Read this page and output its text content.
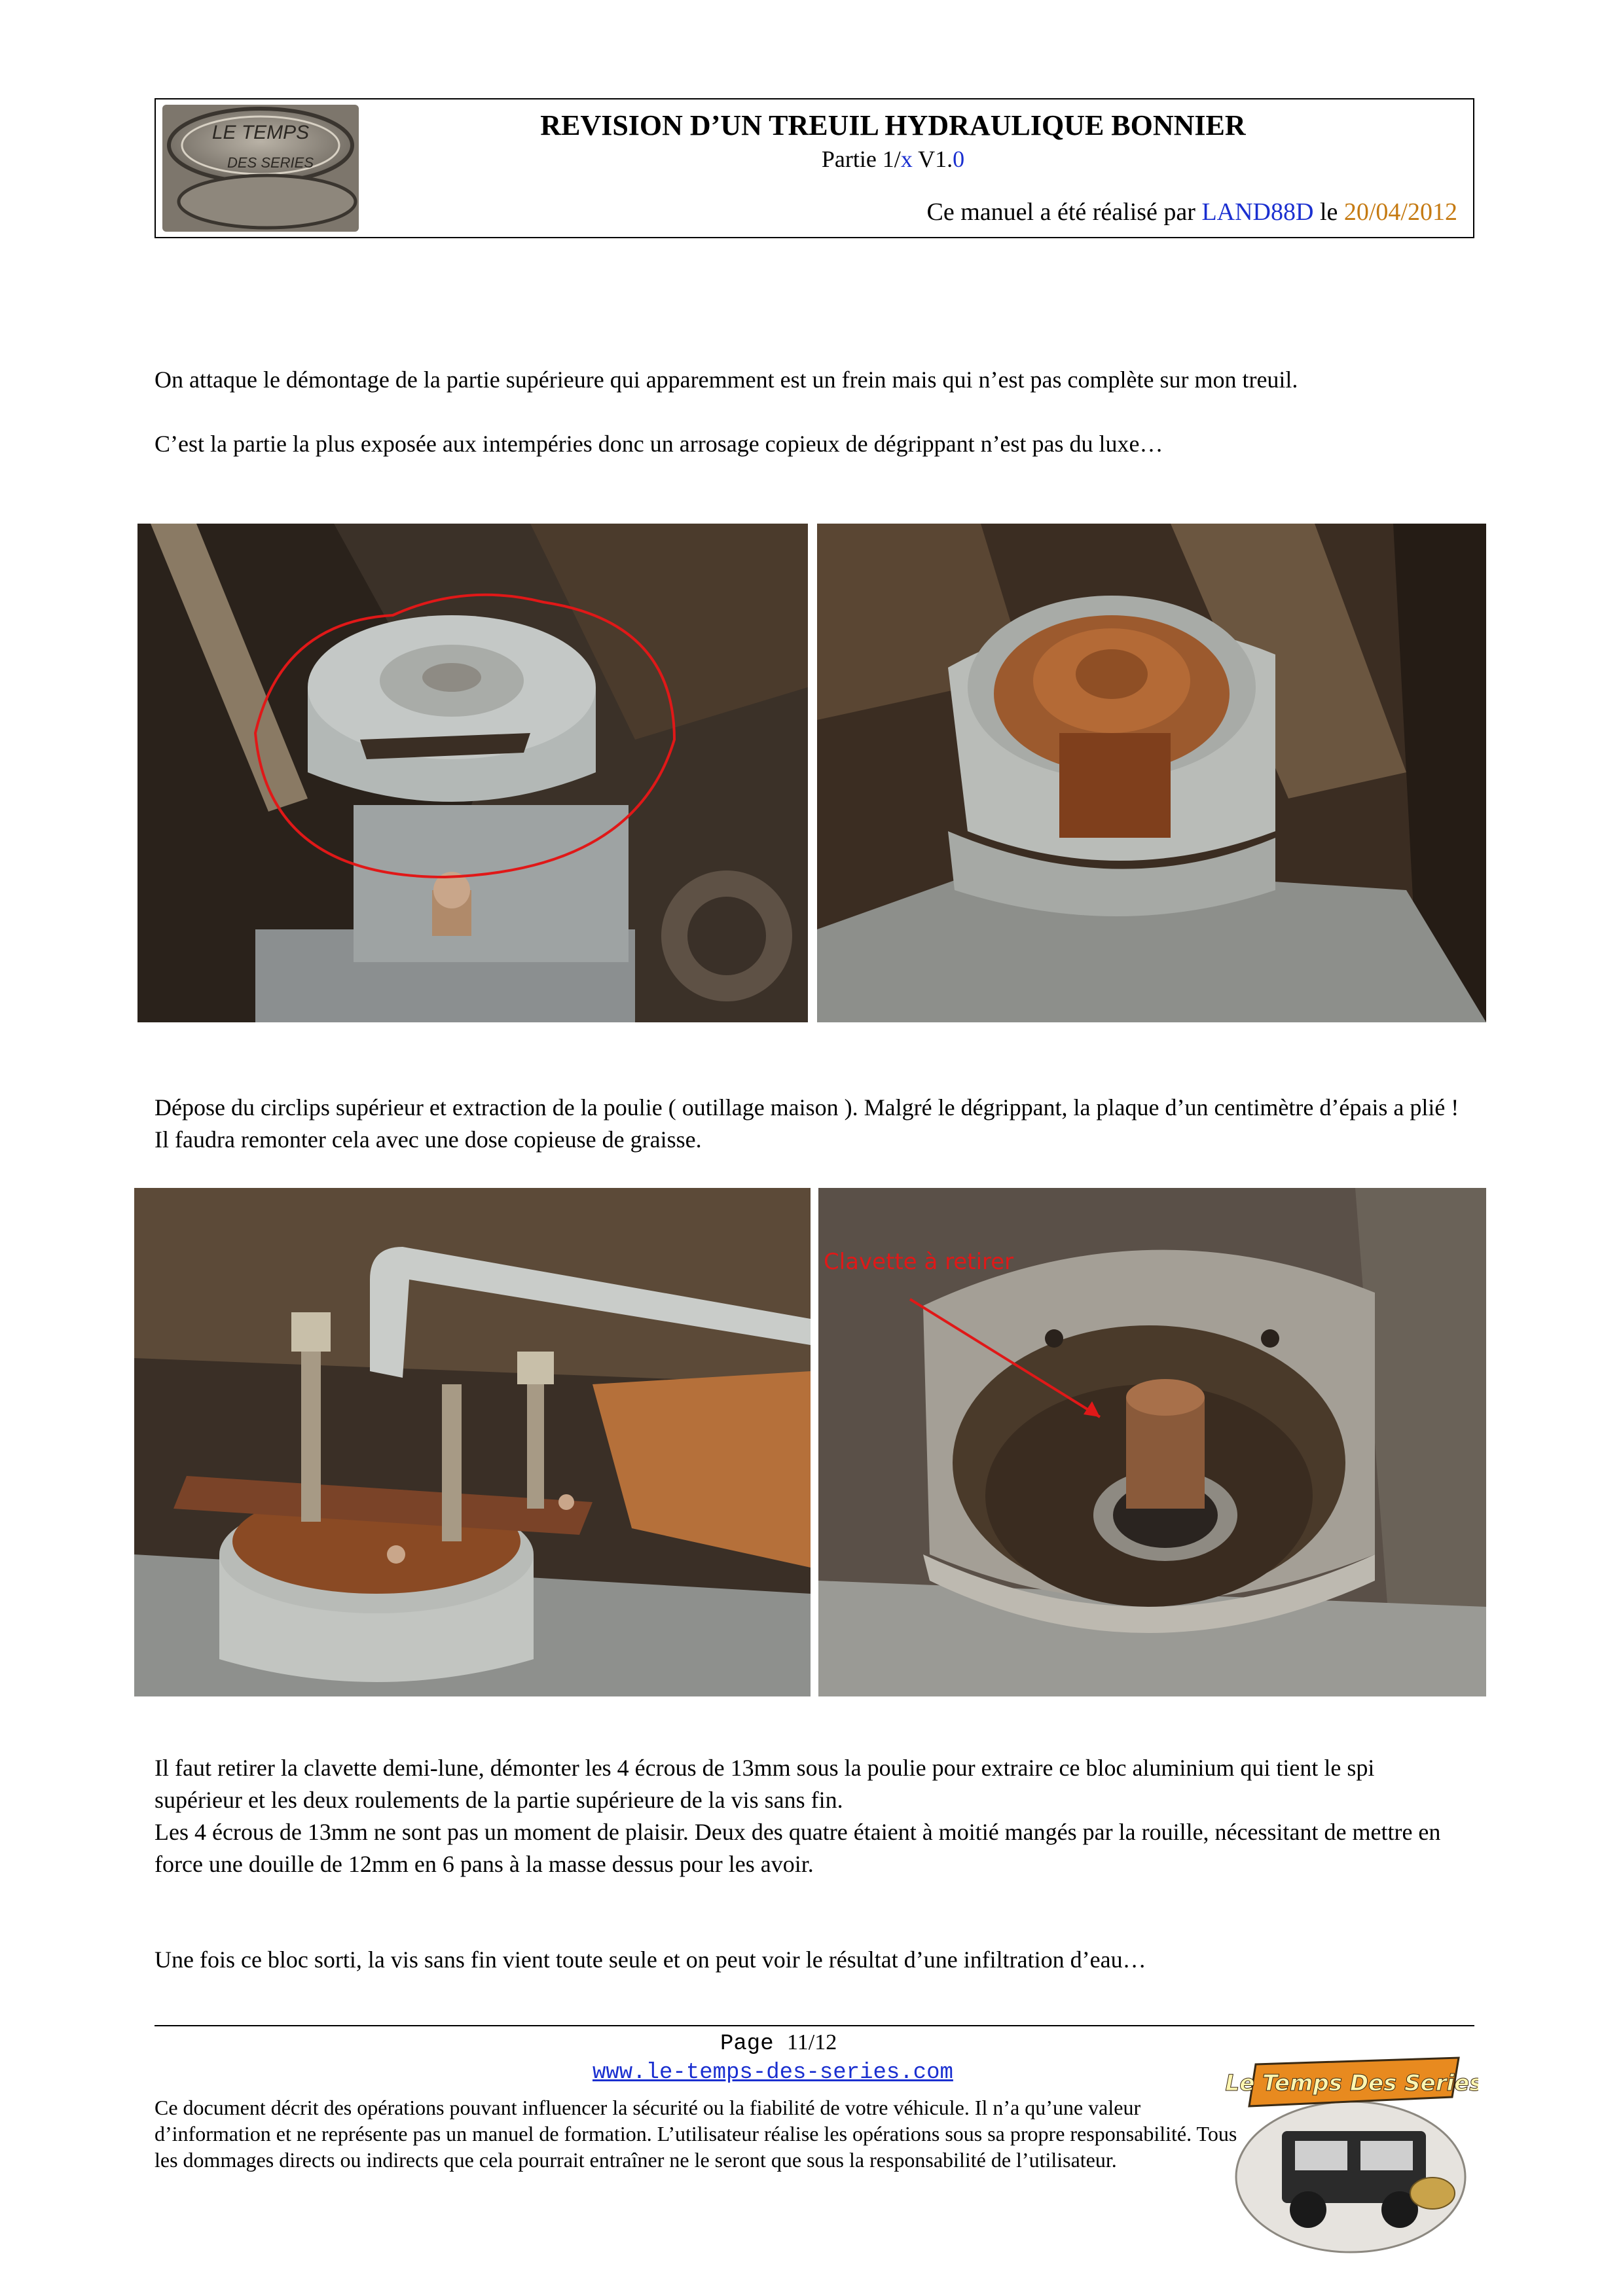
LE TEMPS
DES SERIES
REVISION D’UN TREUIL HYDRAULIQUE BONNIER
Partie 1/x V1.0
Ce manuel a été réalisé par LAND88D le 20/04/2012
On attaque le démontage de la partie supérieure qui apparemment est un frein mais qui n’est pas complète sur mon treuil.
C’est la partie la plus exposée aux intempéries donc un arrosage copieux de dégrippant n’est pas du luxe…
Dépose du circlips supérieur et extraction de la poulie ( outillage maison ). Malgré le dégrippant, la plaque d’un centimètre d’épais a plié ! Il faudra remonter cela avec une dose copieuse de graisse.
Clavette à retirer
Il faut retirer la clavette demi-lune, démonter les 4 écrous de 13mm sous la poulie pour extraire ce bloc aluminium qui tient le spi supérieur et les deux roulements de la partie supérieure de la vis sans fin.
Les 4 écrous de 13mm ne sont pas un moment de plaisir. Deux des quatre étaient à moitié mangés par la rouille, nécessitant de mettre en force une douille de 12mm en 6 pans à la masse dessus pour les avoir.
Une fois ce bloc sorti, la vis sans fin vient toute seule et on peut voir le résultat d’une infiltration d’eau…
Page 11/12
www.le-temps-des-series.com
Ce document décrit des opérations pouvant influencer la sécurité ou la fiabilité de votre véhicule. Il n’a qu’une valeur d’information et ne représente pas un manuel de formation. L’utilisateur réalise les opérations sous sa propre responsabilité. Tous les dommages directs ou indirects que cela pourrait entraîner ne le seront que sous la responsabilité de l’utilisateur.
Le Temps Des Series
